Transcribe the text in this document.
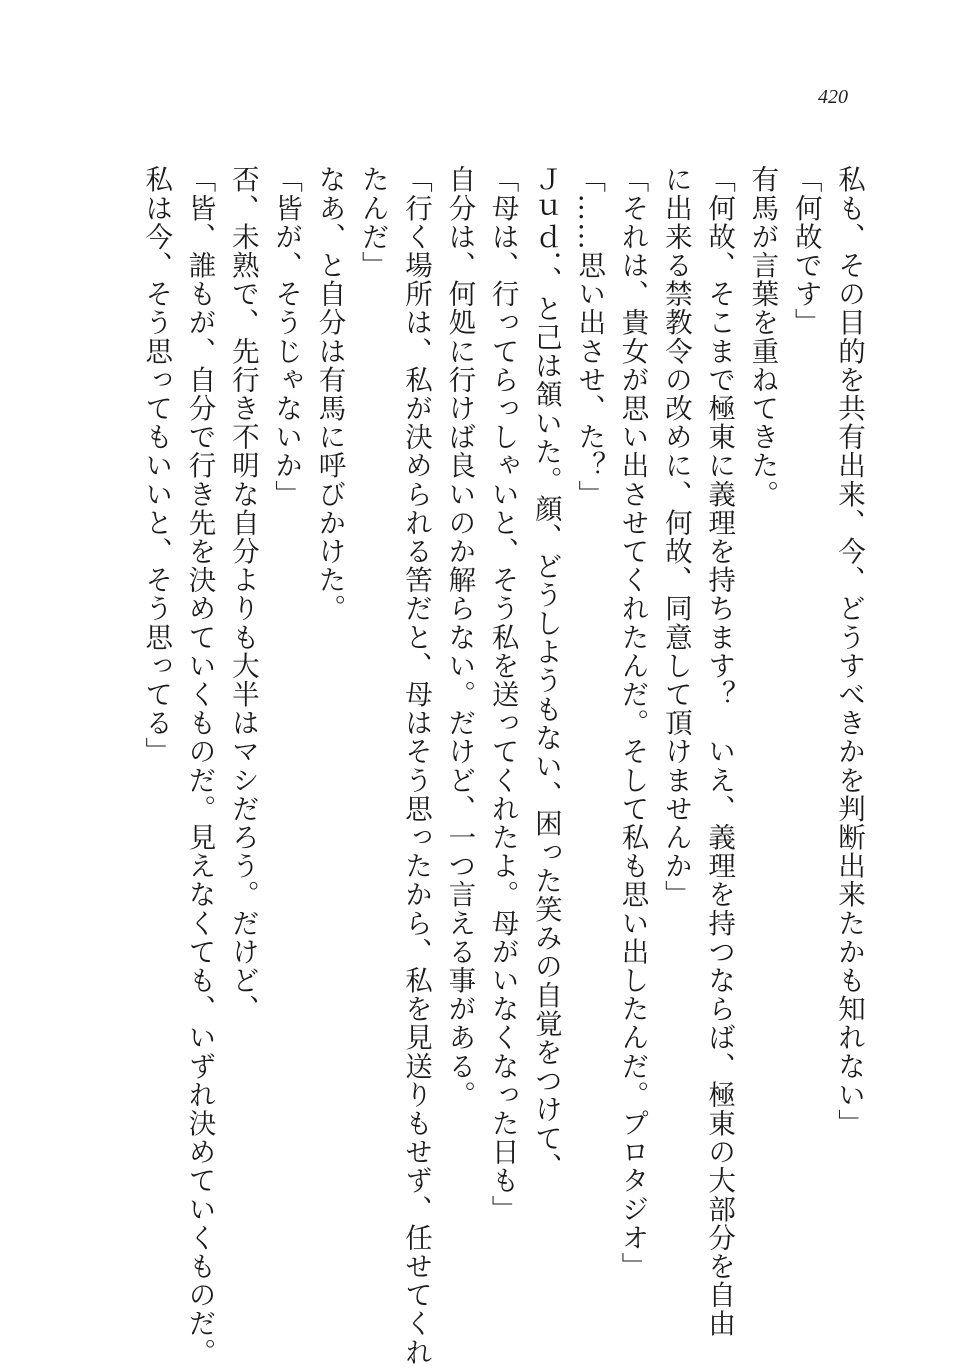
420
私も、その目的を共有出来、今、どうすべきかを判断出来たかも知れない」
「何故です」
有馬が言葉を重ねてきた。
「何故、そこまで極東に義理を持ちます？　いえ、義理を持つならば、極東の大部分を自由
に出来る禁教令の改めに、何故、同意して頂けませんか」
「それは、貴女が思い出させてくれたんだ。そして私も思い出したんだ。プロタジオ」
「……思い出させ、た？」
Ｊｕｄ．、と己は頷いた。顔、どうしようもない、困った笑みの自覚をつけて、
「母は、行ってらっしゃいと、そう私を送ってくれたよ。母がいなくなった日も」
自分は、何処に行けば良いのか解らない。だけど、一つ言える事がある。
「行く場所は、私が決められる筈だと、母はそう思ったから、私を見送りもせず、任せてくれ
たんだ」
なあ、と自分は有馬に呼びかけた。
「皆が、そうじゃないか」
否、未熟で、先行き不明な自分よりも大半はマシだろう。だけど、
「皆、誰もが、自分で行き先を決めていくものだ。見えなくても、いずれ決めていくものだ。
私は今、そう思ってもいいと、そう思ってる」
